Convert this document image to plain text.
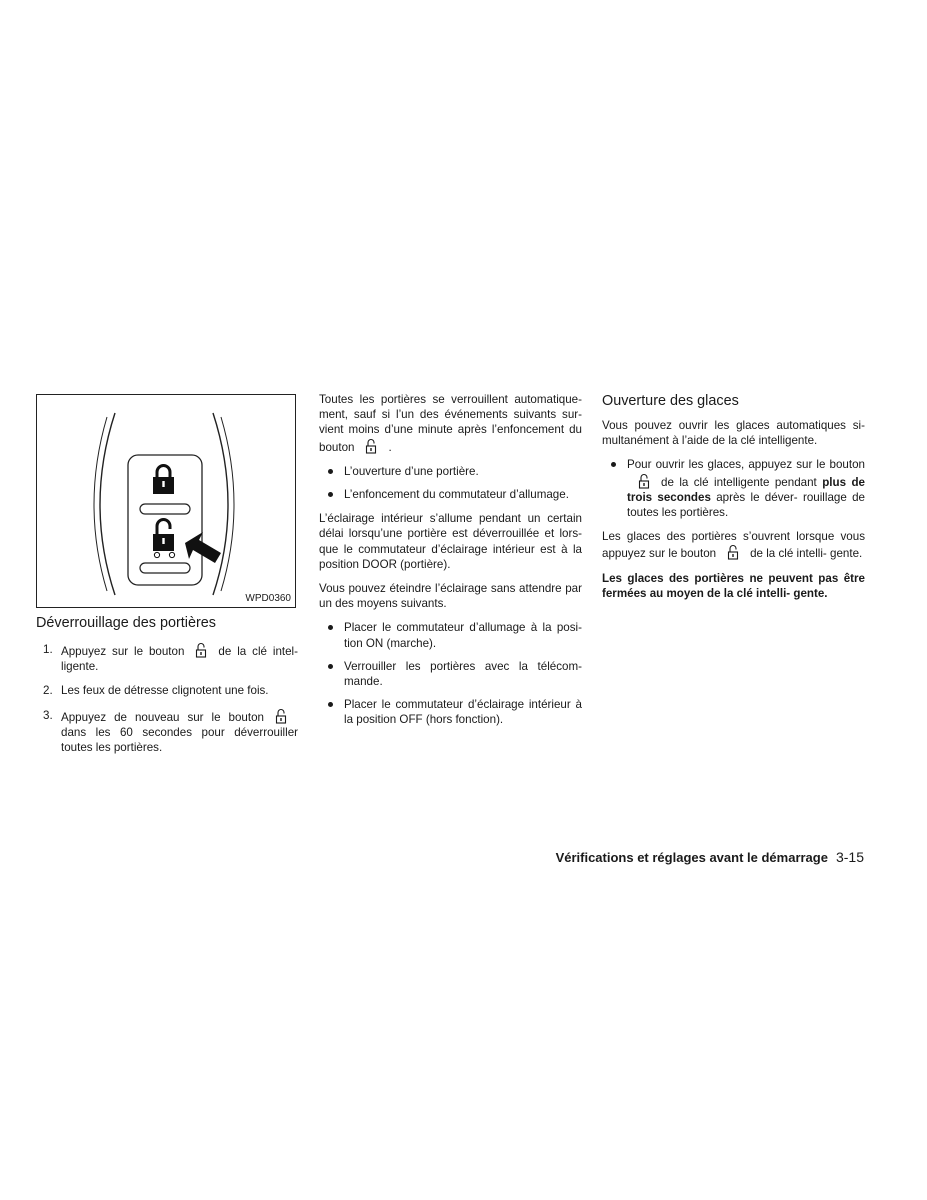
WPD0360
Déverrouillage des portières
1. Appuyez sur le bouton	de la clé intel- ligente.
2. Les feux de détresse clignotent une fois.
3. Appuyez de nouveau sur le boutondans les 60 secondes pour déverrouiller toutes les portières.

Toutes les portières se verrouillent automatique- ment, sauf si l’un des événements suivants sur- vient moins d’une minute après l’enfoncement du bouton	.

L’ouverture d’une portière.
L’enfoncement du commutateur d’allumage.

L’éclairage intérieur s’allume pendant un certain délai lorsqu’une portière est déverrouillée et lors- que le commutateur d’éclairage intérieur est à la position DOOR (portière).

Vous pouvez éteindre l’éclairage sans attendre par un des moyens suivants.

Placer le commutateur d’allumage à la posi- tion ON (marche).
Verrouiller les portières avec la télécom- mande.
Placer le commutateur d’éclairage intérieur à la position OFF (hors fonction).
Ouverture des glaces

Vous pouvez ouvrir les glaces automatiques si- multanément à l’aide de la clé intelligente.

Pour ouvrir les glaces, appuyez sur le boutonde la clé intelligente pendant plus de trois secondes après le déver- rouillage de toutes les portières.

Les glaces des portières s’ouvrent lorsque vous appuyez sur le bouton	de la clé intelli- gente.

Les glaces des portières ne peuvent pas être fermées au moyen de la clé intelli- gente.

Vérifications et réglages avant le démarrage 3-15
